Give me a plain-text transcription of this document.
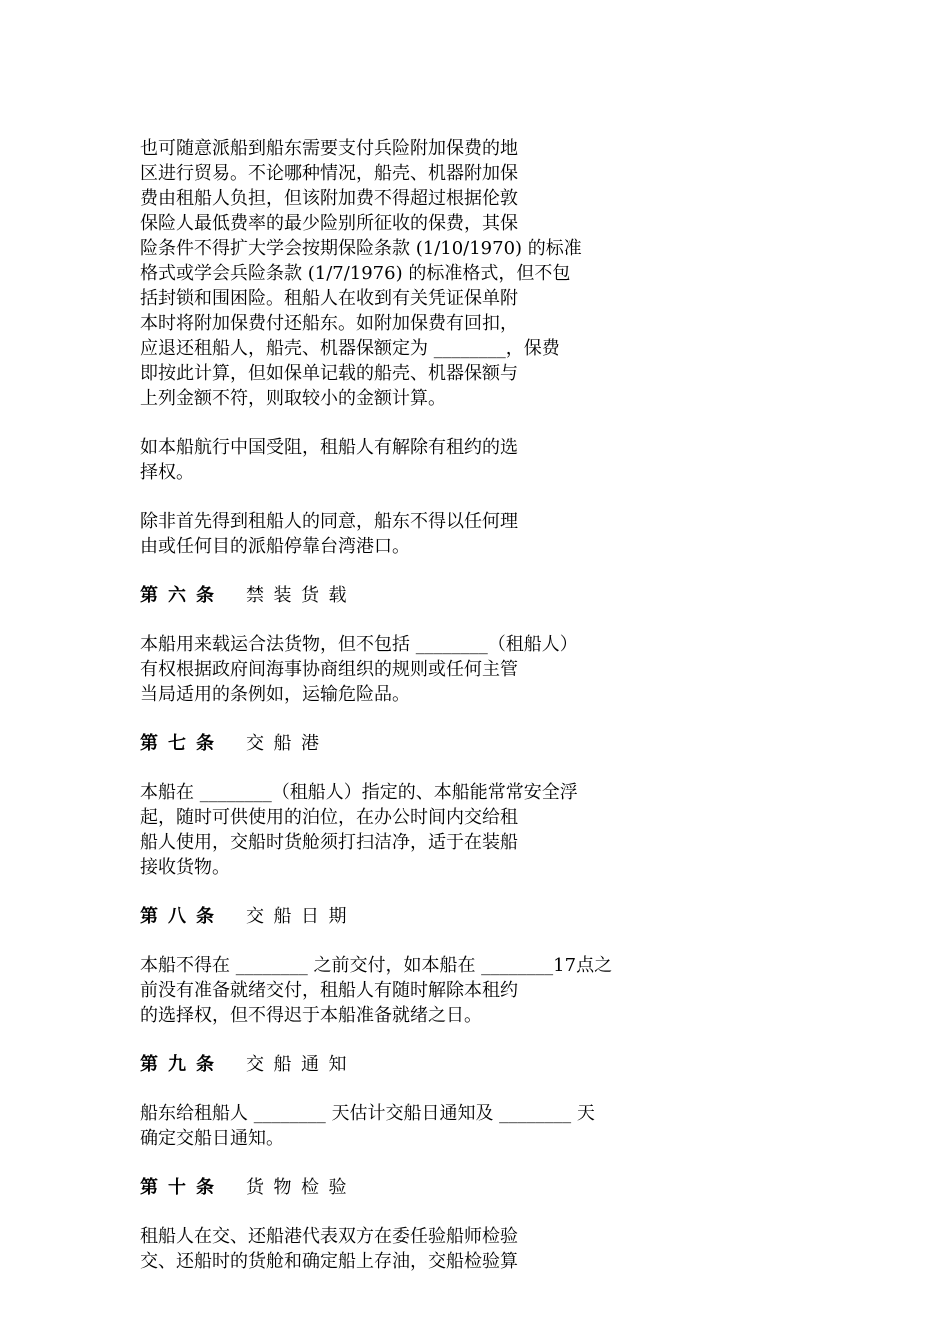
也可随意派船到船东需要支付兵险附加保费的地
区进行贸易。不论哪种情况，船壳、机器附加保
费由租船人负担，但该附加费不得超过根据伦敦
保险人最低费率的最少险别所征收的保费，其保
险条件不得扩大学会按期保险条款 (1/10/1970) 的标准
格式或学会兵险条款 (1/7/1976) 的标准格式，但不包
括封锁和围困险。租船人在收到有关凭证保单附
本时将附加保费付还船东。如附加保费有回扣，
应退还租船人，船壳、机器保额定为 ________，保费
即按此计算，但如保单记载的船壳、机器保额与
上列金额不符，则取较小的金额计算。
如本船航行中国受阻，租船人有解除有租约的选
择权。
除非首先得到租船人的同意，船东不得以任何理
由或任何目的派船停靠台湾港口。
第六条 禁装货载
本船用来载运合法货物，但不包括 ________（租船人）
有权根据政府间海事协商组织的规则或任何主管
当局适用的条例如，运输危险品。
第七条 交船港
本船在 ________（租船人）指定的、本船能常常安全浮
起，随时可供使用的泊位，在办公时间内交给租
船人使用，交船时货舱须打扫洁净，适于在装船
接收货物。
第八条 交船日期
本船不得在 ________ 之前交付，如本船在 ________17点之
前没有准备就绪交付，租船人有随时解除本租约
的选择权，但不得迟于本船准备就绪之日。
第九条 交船通知
船东给租船人 ________ 天估计交船日通知及 ________ 天
确定交船日通知。
第十条 货物检验
租船人在交、还船港代表双方在委任验船师检验
交、还船时的货舱和确定船上存油，交船检验算
